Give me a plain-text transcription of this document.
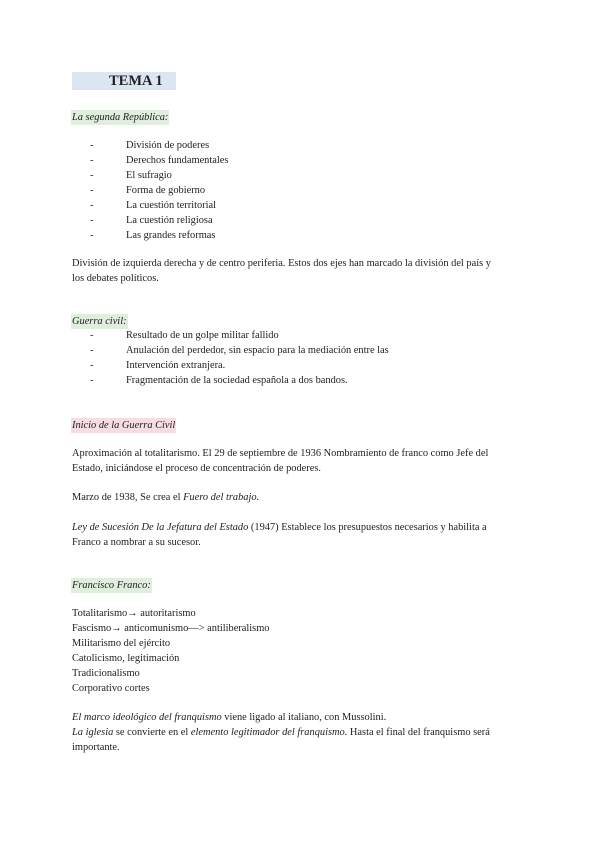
TEMA 1
La segunda República:
-	División de poderes
-	Derechos fundamentales
-	El sufragio
-	Forma de gobierno
-	La cuestión territorial
-	La cuestión religiosa
-	Las grandes reformas
División de izquierda derecha y de centro periferia. Estos dos ejes han marcado la división del país y
los debates políticos.
Guerra civil:
-	Resultado de un golpe militar fallido
-	Anulación del perdedor, sin espacio para la mediación entre las
-	Intervención extranjera.
-	Fragmentación de la sociedad española a dos bandos.
Inicio de la Guerra Civil
Aproximación al totalitarismo. El 29 de septiembre de 1936 Nombramiento de franco como Jefe del
Estado, iniciándose el proceso de concentración de poderes.
Marzo de 1938, Se crea el Fuero del trabajo.
Ley de Sucesión De la Jefatura del Estado (1947) Establece los presupuestos necesarios y habilita a
Franco a nombrar a su sucesor.
Francisco Franco:
Totalitarismo→ autoritarismo
Fascismo→ anticomunismo—> antiliberalismo
Militarismo del ejército
Catolicismo, legitimación
Tradicionalismo
Corporativo cortes
El marco ideológico del franquismo viene ligado al italiano, con Mussolini.
La iglesia se convierte en el elemento legitimador del franquismo. Hasta el final del franquismo será
importante.
